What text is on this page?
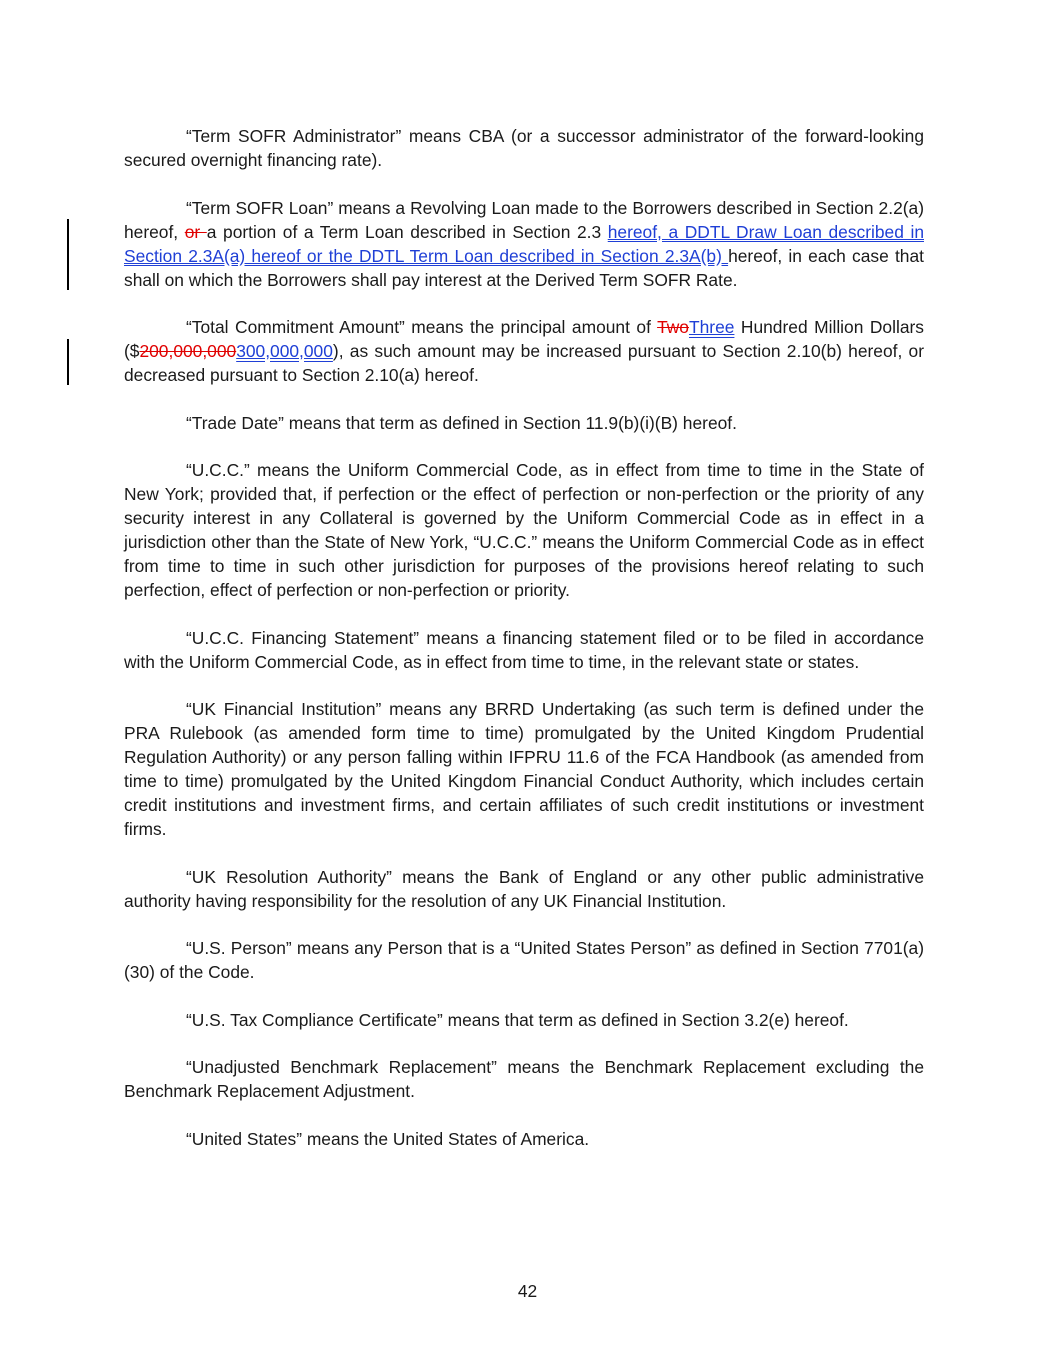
“Term SOFR Administrator” means CBA (or a successor administrator of the forward-looking secured overnight financing rate).

“Term SOFR Loan” means a Revolving Loan made to the Borrowers described in Section 2.2(a) hereof, or a portion of a Term Loan described in Section 2.3 hereof, a DDTL Draw Loan described in Section 2.3A(a) hereof or the DDTL Term Loan described in Section 2.3A(b) hereof, in each case that shall on which the Borrowers shall pay interest at the Derived Term SOFR Rate.

“Total Commitment Amount” means the principal amount of TwoThree Hundred Million Dollars ($200,000,000300,000,000), as such amount may be increased pursuant to Section 2.10(b) hereof, or decreased pursuant to Section 2.10(a) hereof.

“Trade Date” means that term as defined in Section 11.9(b)(i)(B) hereof.

“U.C.C.” means the Uniform Commercial Code, as in effect from time to time in the State of New York; provided that, if perfection or the effect of perfection or non-perfection or the priority of any security interest in any Collateral is governed by the Uniform Commercial Code as in effect in a jurisdiction other than the State of New York, “U.C.C.” means the Uniform Commercial Code as in effect from time to time in such other jurisdiction for purposes of the provisions hereof relating to such perfection, effect of perfection or non-perfection or priority.

“U.C.C. Financing Statement” means a financing statement filed or to be filed in accordance with the Uniform Commercial Code, as in effect from time to time, in the relevant state or states.

“UK Financial Institution” means any BRRD Undertaking (as such term is defined under the PRA Rulebook (as amended form time to time) promulgated by the United Kingdom Prudential Regulation Authority) or any person falling within IFPRU 11.6 of the FCA Handbook (as amended from time to time) promulgated by the United Kingdom Financial Conduct Authority, which includes certain credit institutions and investment firms, and certain affiliates of such credit institutions or investment firms.

“UK Resolution Authority” means the Bank of England or any other public administrative authority having responsibility for the resolution of any UK Financial Institution.

“U.S. Person” means any Person that is a “United States Person” as defined in Section 7701(a)(30) of the Code.

“U.S. Tax Compliance Certificate” means that term as defined in Section 3.2(e) hereof.

“Unadjusted Benchmark Replacement” means the Benchmark Replacement excluding the Benchmark Replacement Adjustment.

“United States” means the United States of America.

42
